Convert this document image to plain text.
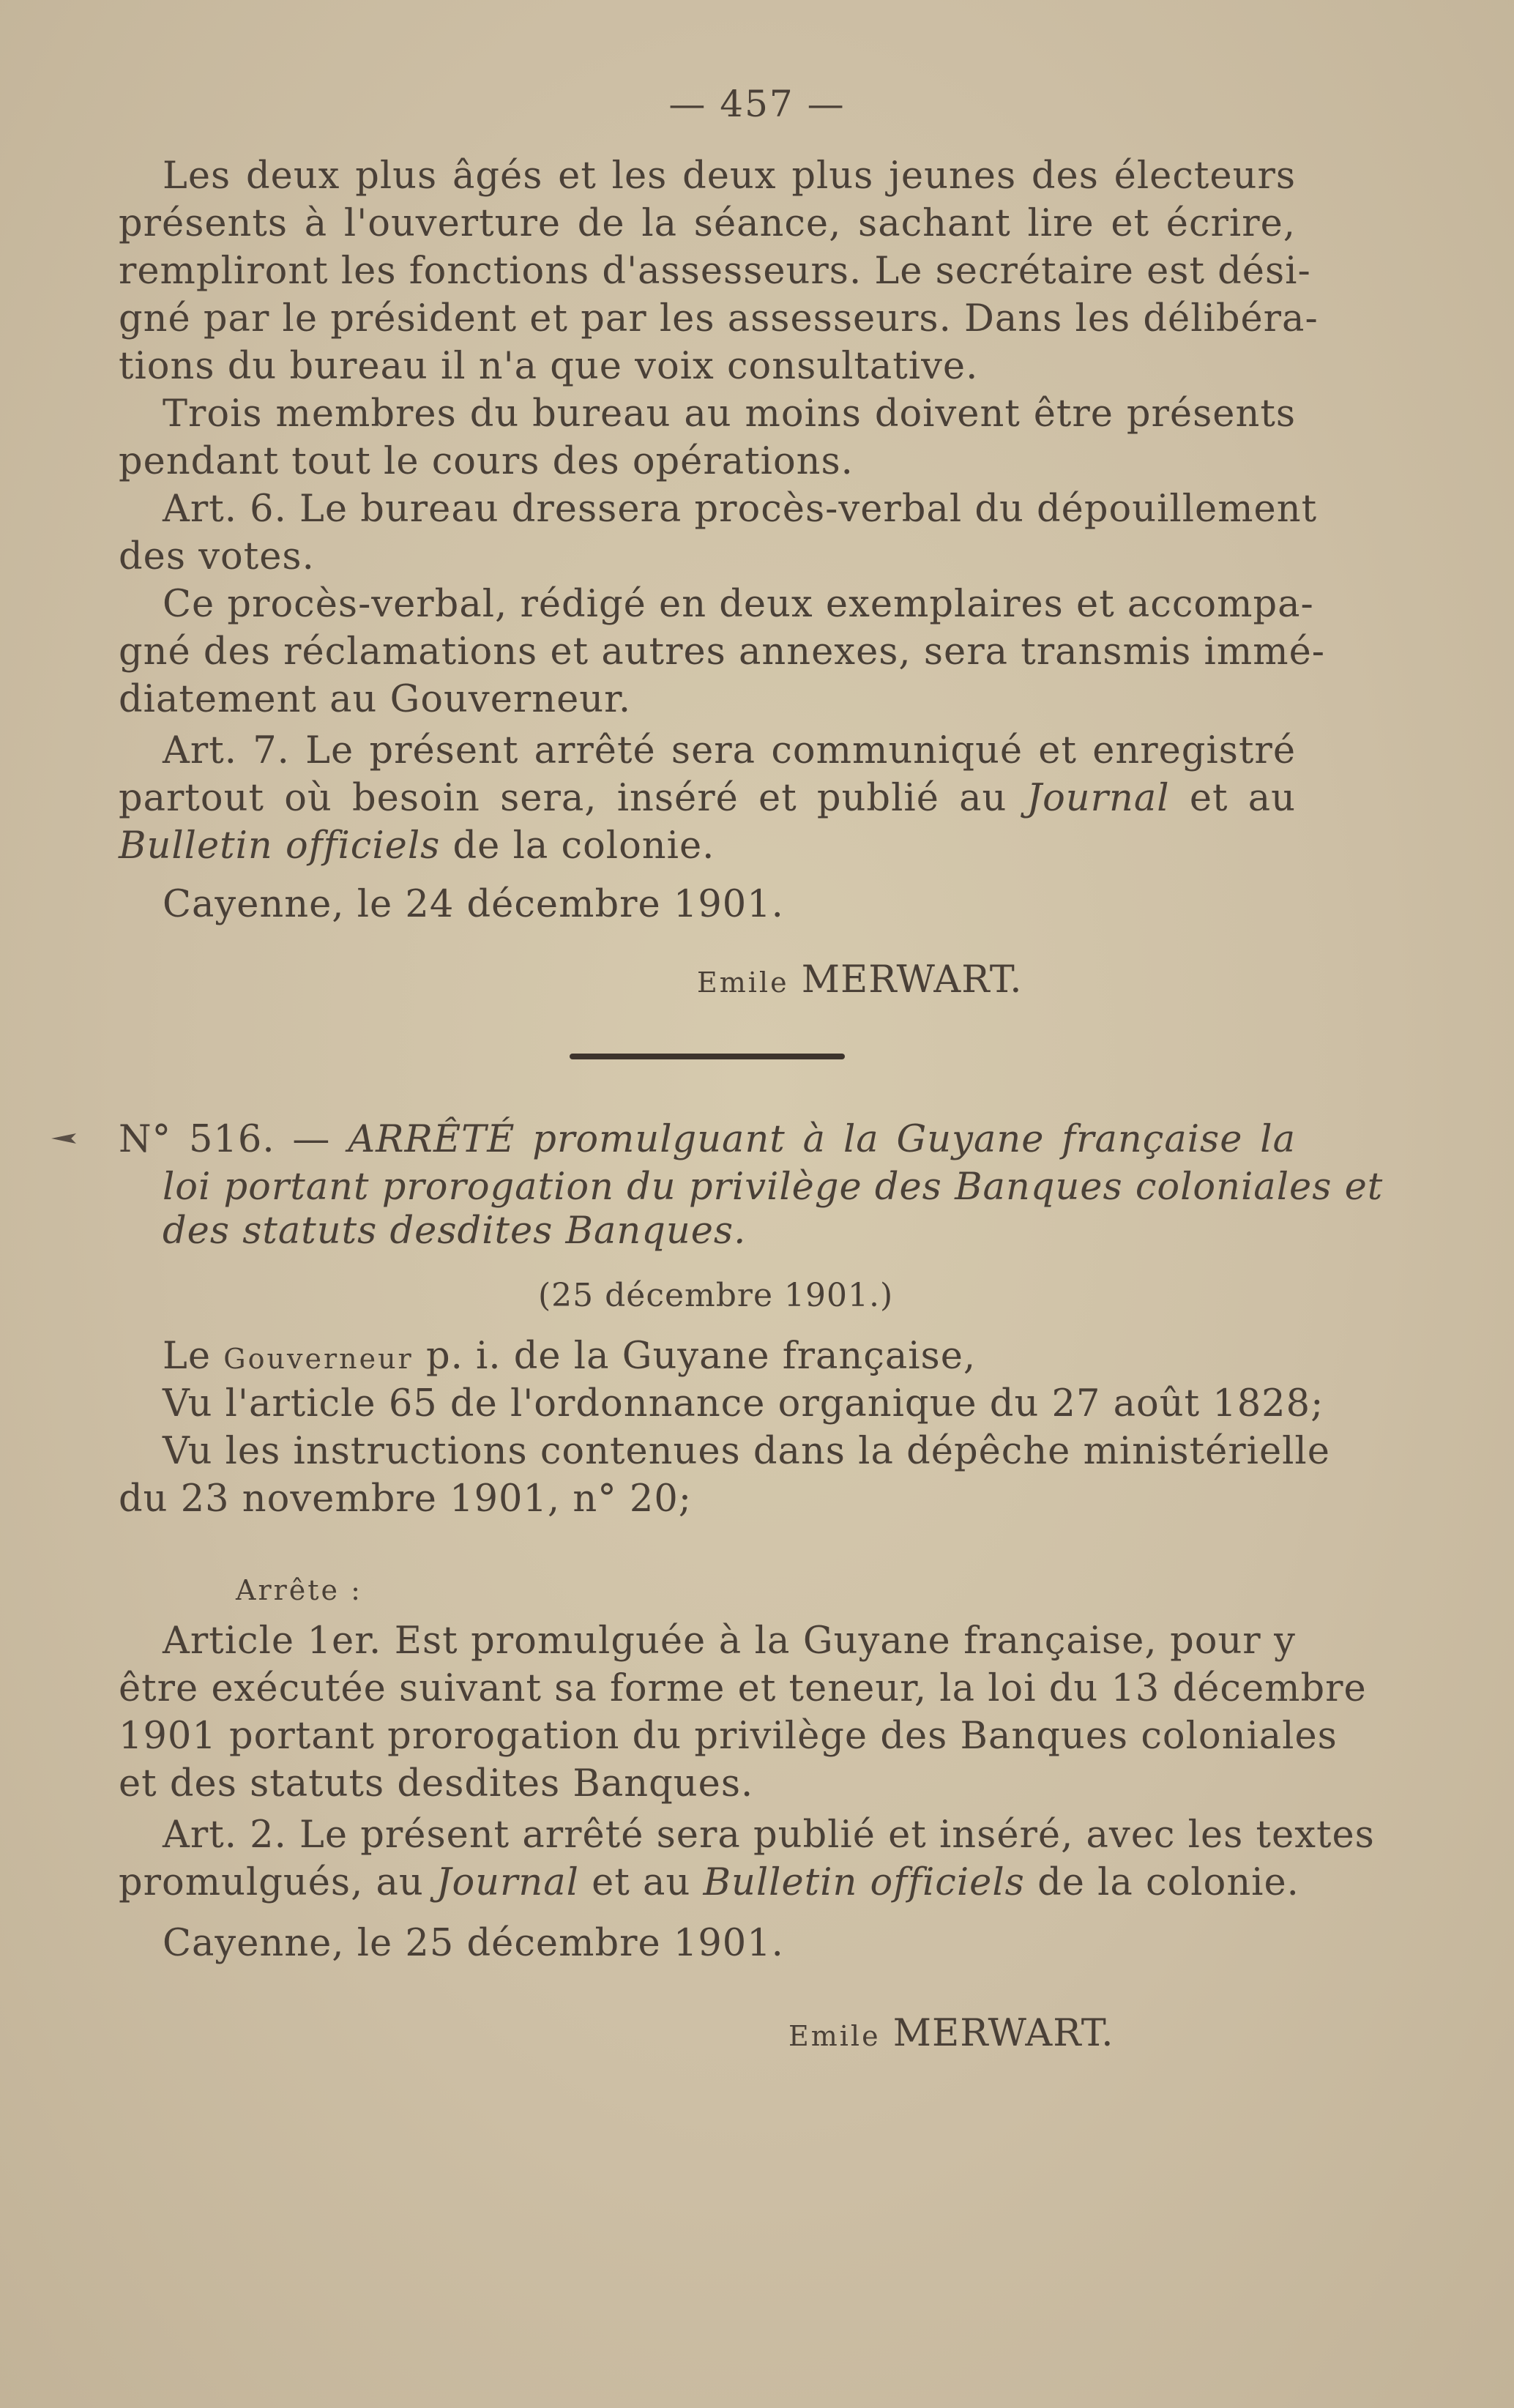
— 457 —
Les deux plus âgés et les deux plus jeunes des électeurs
présents à l'ouverture de la séance, sachant lire et écrire,
rempliront les fonctions d'assesseurs. Le secrétaire est dési-
gné par le président et par les assesseurs. Dans les délibéra-
tions du bureau il n'a que voix consultative.
Trois membres du bureau au moins doivent être présents
pendant tout le cours des opérations.
Art. 6. Le bureau dressera procès-verbal du dépouillement
des votes.
Ce procès-verbal, rédigé en deux exemplaires et accompa-
gné des réclamations et autres annexes, sera transmis immé-
diatement au Gouverneur.
Art. 7. Le présent arrêté sera communiqué et enregistré
partout où besoin sera, inséré et publié au Journal et au
Bulletin officiels de la colonie.
Cayenne, le 24 décembre 1901.
Emile MERWART.
N° 516. — ARRÊTÉ promulguant à la Guyane française la
loi portant prorogation du privilège des Banques coloniales et
des statuts desdites Banques.
(25 décembre 1901.)
Le Gouverneur p. i. de la Guyane française,
Vu l'article 65 de l'ordonnance organique du 27 août 1828;
Vu les instructions contenues dans la dépêche ministérielle
du 23 novembre 1901, n° 20;
Arrête :
Article 1er. Est promulguée à la Guyane française, pour y
être exécutée suivant sa forme et teneur, la loi du 13 décembre
1901 portant prorogation du privilège des Banques coloniales
et des statuts desdites Banques.
Art. 2. Le présent arrêté sera publié et inséré, avec les textes
promulgués, au Journal et au Bulletin officiels de la colonie.
Cayenne, le 25 décembre 1901.
Emile MERWART.
